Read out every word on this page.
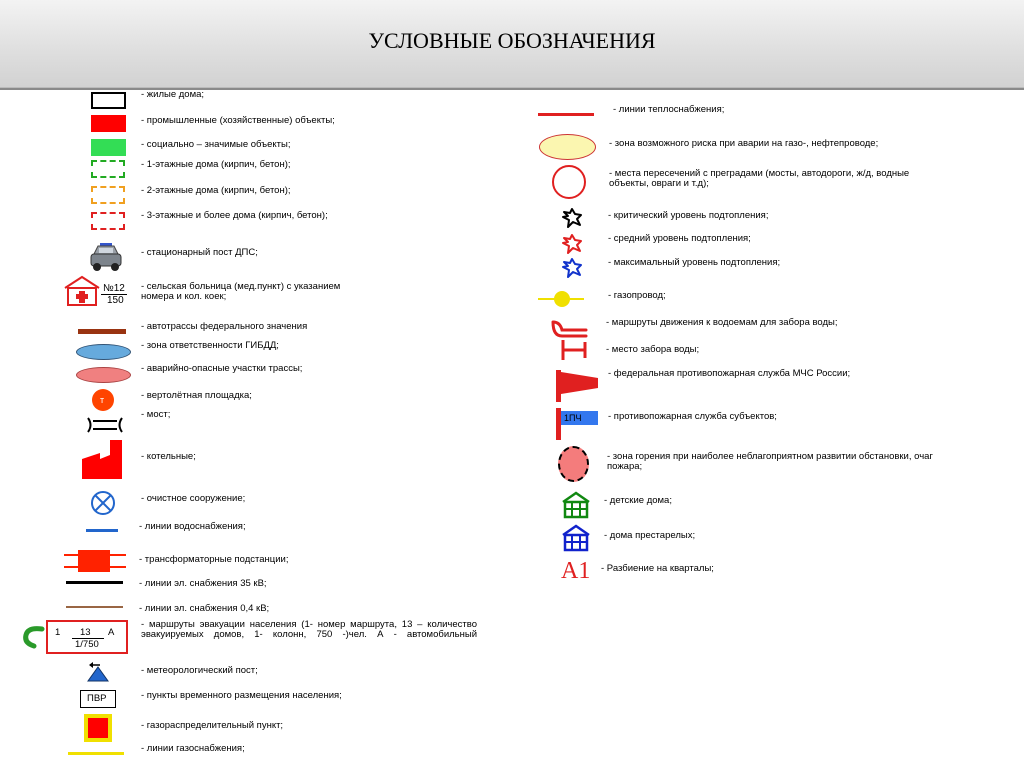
УСЛОВНЫЕ ОБОЗНАЧЕНИЯ
№12
150
т
1 13 А
1/750
ПВР
- жилые дома;
- промышленные (хозяйственные) объекты;
- социально – значимые объекты;
- 1-этажные дома (кирпич, бетон);
- 2-этажные дома (кирпич, бетон);
- 3-этажные и более дома (кирпич, бетон);
- стационарный пост ДПС;
- сельская больница (мед.пункт) с указанием номера и кол. коек;
- автотрассы федерального значения
- зона ответственности ГИБДД;
- аварийно-опасные участки трассы;
- вертолётная площадка;
- мост;
- котельные;
- очистное сооружение;
- линии водоснабжения;
- трансформаторные подстанции;
- линии эл. снабжения 35 кВ;
- линии эл. снабжения 0,4 кВ;
- маршруты эвакуации населения (1- номер маршрута, 13 – количество эвакуируемых домов, 1- колонн, 750 -)чел. А - автомобильный
- метеорологический пост;
- пункты временного размещения населения;
- газораспределительный пункт;
- линии газоснабжения;
1ПЧ
А1
- линии теплоснабжения;
- зона возможного риска при аварии на газо-, нефтепроводе;
- места пересечений с преградами (мосты, автодороги, ж/д, водные объекты, овраги и т.д);
- критический уровень подтопления;
- средний уровень подтопления;
- максимальный уровень подтопления;
- газопровод;
- маршруты движения к водоемам для забора воды;
- место забора воды;
- федеральная противопожарная служба МЧС России;
- противопожарная служба субъектов;
- зона горения при наиболее неблагоприятном развитии обстановки, очаг пожара;
- детские дома;
- дома престарелых;
- Разбиение на кварталы;
